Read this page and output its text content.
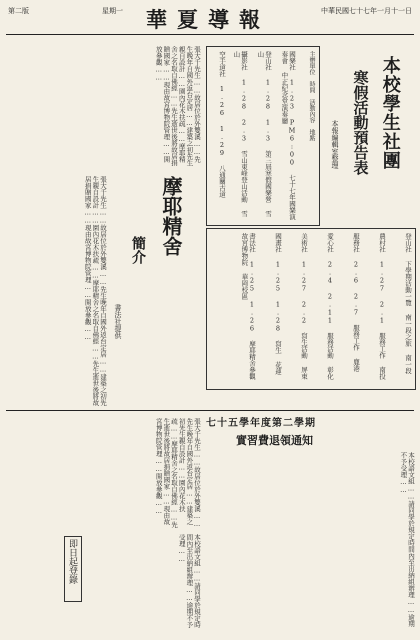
第二版	星期一 華夏導報	中華民國七十七年一月十一日
本校學生社團
寒假活動預告表
本報編輯室整理
主辦單位　時間　活動內容　地點
國樂社 1.23 PM6:00 七十七年國樂演奏會 中正紀念堂演奏廳
登山社 1.28 1.3 第三屆寒假國樂營 雪山
攝影社 1.28 2.3 雪山東峰登山活動 雪山
空手道社 1.26 1.29 八通關古道
登山社 下學期活動一覽 南一段之旅 南一段
農村社 1.27 2.1 服務工作 南投
服務社 2.6 2.7 服務工作 鹿港
愛心社 2.4 2.11 服務活動 彰化
美術社 1.27 2.2 寫生活動 屏東
國畫社 1.25 1.28 寫生 花蓮
書法社 1.25 1.26 摩耶精舍參觀 故宮博物院 華岡校區
摩耶精舍
簡介
書法社提供
張大千先生……故居位於外雙溪……先生晚年自國外返台定居……建築之初先生親自設計……園內花木扶疏……摩耶精舍之名取自佛經……先生逝世後將故居捐贈國家……現由故宮博物院管理……開放參觀……
張大千先生……故居位於外雙溪……先生晚年自國外返台定居……建築之初先生親自設計……園內花木扶疏……摩耶精舍之名取自佛經……先生逝世後將故居捐贈國家……現由故宮博物院管理……開放參觀……
七十五學年度第二學期
實習費退領通知
本校語文組……請同學於規定時間內至出納組辦理……逾期不予受理……
張大千先生……故居位於外雙溪……先生晚年自國外返台定居……建築之初先生親自設計……園內花木扶疏……摩耶精舍之名取自佛經……先生逝世後將故居捐贈國家……現由故宮博物院管理……開放參觀……
本校語文組……請同學於規定時間內至出納組辦理……逾期不予受理……
即日起登錄
